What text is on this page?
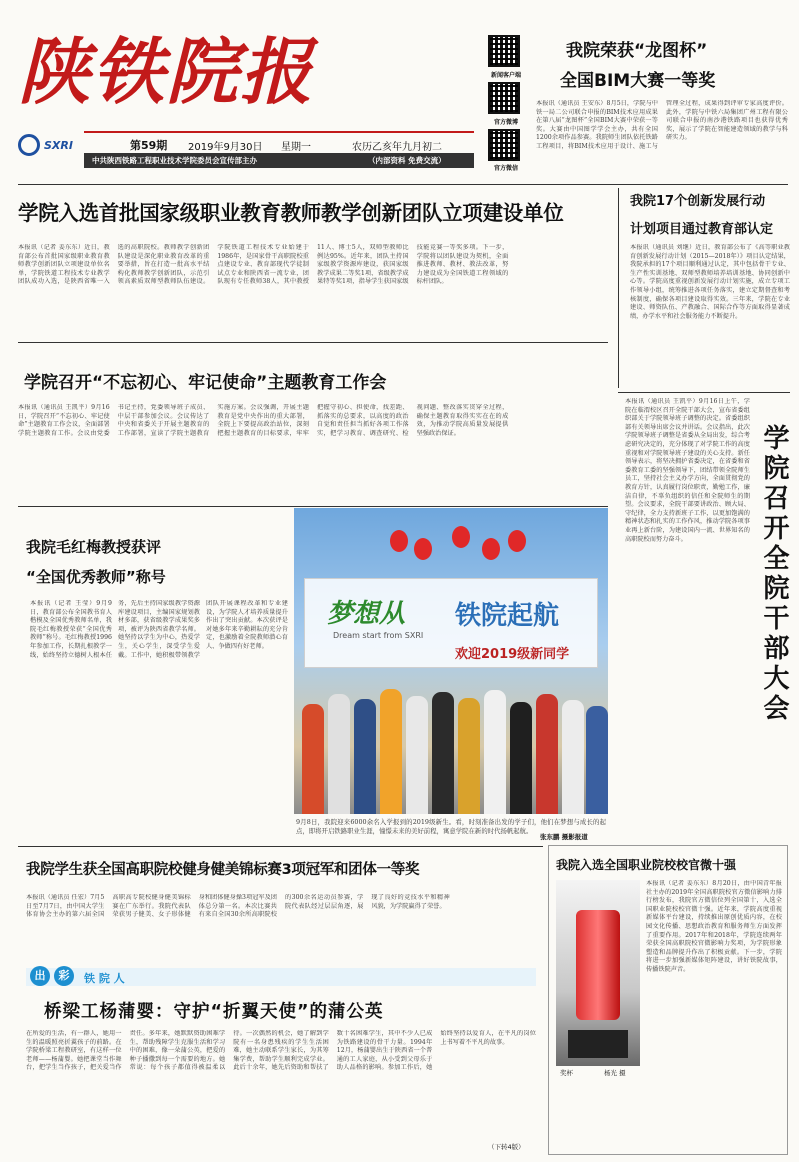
陕铁院报	新闻客户端
官方微博
官方微信
SXRI	第59期 2019年9月30日 星期一	农历乙亥年九月初二
中共陕西铁路工程职业技术学院委员会宣传部主办	（内部资料 免费交流）
我院荣获“龙图杯”
全国BIM大赛一等奖
本报讯（通讯员 王安东）8月5日，学院与中铁一局二公司联合申报的BIM技术应用成果在第八届“龙图杯”全国BIM大赛中荣获一等奖。大赛由中国图学学会主办，共有全国1200余项作品参赛。我院师生团队依托铁路工程项目，将BIM技术应用于设计、施工与管理全过程，成果得到评审专家高度评价。此外，学院与中铁六局集团广州工程有限公司联合申报的南沙港铁路项目也获得优秀奖，展示了学院在智能建造领域的教学与科研实力。
学院入选首批国家级职业教育教师教学创新团队立项建设单位
本报讯（记者 姜东东）近日，教育部公布首批国家级职业教育教师教学创新团队立项建设单位名单，学院铁道工程技术专业教学团队成功入选，是陕西省唯一入选的高职院校。教师教学创新团队建设是深化职业教育改革的重要举措，旨在打造一批高水平结构化教师教学创新团队，示范引领高素质双师型教师队伍建设。学院铁道工程技术专业始建于1986年，是国家骨干高职院校重点建设专业、教育部现代学徒制试点专业和陕西省一流专业，团队现有专任教师38人，其中教授11人、博士5人，双师型教师比例达95%。近年来，团队主持国家级教学资源库建设，获国家级教学成果二等奖1项、省级教学成果特等奖1项，指导学生获国家级技能竞赛一等奖多项。下一步，学院将以团队建设为契机，全面推进教师、教材、教法改革，努力建设成为全国铁道工程领域的标杆团队。
我院17个创新发展行动
计划项目通过教育部认定
本报讯（通讯员 刘继）近日，教育部公布了《高等职业教育创新发展行动计划（2015—2018年）》项目认定结果，我院承担的17个项目顺利通过认定，其中包括骨干专业、生产性实训基地、双师型教师培养培训基地、协同创新中心等。学院高度重视创新发展行动计划实施，成立专项工作领导小组，统筹推进各项任务落实，建立定期督查和考核制度，确保各项目建设取得实效。三年来，学院在专业建设、师资队伍、产教融合、国际合作等方面取得显著成绩，办学水平和社会服务能力不断提升。
学院召开“不忘初心、牢记使命”主题教育工作会
本报讯（通讯员 王凯平）9月16日，学院召开“不忘初心、牢记使命”主题教育工作会议，全面部署学院主题教育工作。会议由党委书记主持，党委领导班子成员、中层干部参加会议。会议传达了中央和省委关于开展主题教育的工作部署，宣读了学院主题教育实施方案。会议强调，开展主题教育是党中央作出的重大部署，全院上下要提高政治站位，深刻把握主题教育的目标要求，牢牢把握守初心、担使命，找差距、抓落实的总要求，以高度的政治自觉和责任担当抓好各项工作落实，把学习教育、调查研究、检视问题、整改落实贯穿全过程，确保主题教育取得实实在在的成效，为推动学院高质量发展提供坚强政治保证。
本报讯（通讯员 王凯平）9月16日上午，学院在临渭校区召开全院干部大会，宣布省委组织部关于学院领导班子调整的决定。省委组织部有关领导出席会议并讲话。会议指出，此次学院领导班子调整是省委从全局出发，综合考虑研究决定的，充分体现了对学院工作的高度重视和对学院领导班子建设的关心支持。新任领导表示，将坚决拥护省委决定，在省委和省委教育工委的坚强领导下，团结带领全院师生员工，坚持社会主义办学方向，全面贯彻党的教育方针，认真履行岗位职责，勤勉工作，廉洁自律，不辜负组织的信任和全院师生的期望。会议要求，全院干部要讲政治、顾大局、守纪律，全力支持新班子工作，以更加饱满的精神状态和扎实的工作作风，推动学院各项事业再上新台阶，为建设国内一流、世界知名的高职院校而努力奋斗。	学院召开全院干部大会
我院毛红梅教授获评
“全国优秀教师”称号
本报讯（记者 王莹）9月9日，教育部公布全国教书育人楷模及全国优秀教师名单，我院毛红梅教授荣获“全国优秀教师”称号。毛红梅教授1996年参加工作，长期扎根教学一线，始终坚持立德树人根本任务，先后主持国家级教学资源库建设项目，主编国家规划教材多部，获省级教学成果奖多项，被评为陕西省教学名师。她坚持以学生为中心，热爱学生，关心学生，深受学生爱戴。工作中，她积极带领教学团队开展课程改革和专业建设，为学院人才培养质量提升作出了突出贡献。本次获评是对她多年来辛勤耕耘的充分肯定，也激励着全院教师潜心育人、争做四有好老师。
梦想从 铁院起航
Dream start from SXRI
欢迎2019级新同学
9月8日，我院迎来6000余名入学报到的2019级新生。看，时刻准备出发的学子们，他们在梦想与成长的起点，即将开启铁路职业生涯，憧憬未来的美好前程，寓意学院在新的时代扬帆起航。
张东鹏 摄影报道
我院学生获全国高职院校健身健美锦标赛3项冠军和团体一等奖
本报讯（通讯员 任宏）7月5日至7月7日，由中国大学生体育协会主办的第六届全国高职高专院校健身健美锦标赛在广东举行。我院代表队荣获男子健美、女子形体健身和团体健身操3项冠军及团体总分第一名。本次比赛共有来自全国30余所高职院校的300余名运动员参赛，学院代表队经过层层角逐，展现了良好的竞技水平和精神风貌，为学院赢得了荣誉。
我院入选全国职业院校校官微十强
奖杯	杨光 摄
本报讯（记者 姜东东）8月20日，由中国青年报社主办的2019年全国高职院校官方微信影响力排行榜发布，我院官方微信位列全国第十，入选全国职业院校校官微十强。近年来，学院高度重视新媒体平台建设，持续推出原创优质内容，在校园文化传播、思想政治教育和服务师生方面发挥了重要作用。2017年和2018年，学院连续两年荣获全国高职院校官微影响力奖项，为学院形象塑造和品牌提升作出了积极贡献。下一步，学院将进一步加强新媒体矩阵建设，讲好铁院故事，传播铁院声音。
出	彩	铁 院 人
桥梁工杨蒲婴：守护“折翼天使”的蒲公英
在所爱的生活，有一群人，她用一生的温暖照亮折翼孩子的前路。在学院桥梁工程教研室，有这样一位老师——杨蒲婴。她把课堂当作舞台，把学生当作孩子，把关爱当作责任。多年来，她默默资助困难学生，帮助残障学生克服生活和学习中的困难，像一朵蒲公英，把爱的种子播撒到每一个需要的地方。她常说：每个孩子都值得被温柔以待。一次偶然的机会，她了解到学院有一名身患残疾的学生生活困难，她主动联系学生家长，为其筹集学费，帮助学生顺利完成学业。此后十余年，她先后资助和帮扶了数十名困难学生，其中不少人已成为铁路建设的骨干力量。1994年12月，杨蒲婴出生于陕西省一个普通的工人家庭，从小受到父母乐于助人品格的影响。参加工作后，她始终坚持以爱育人，在平凡的岗位上书写着不平凡的故事。
（下转4版）
